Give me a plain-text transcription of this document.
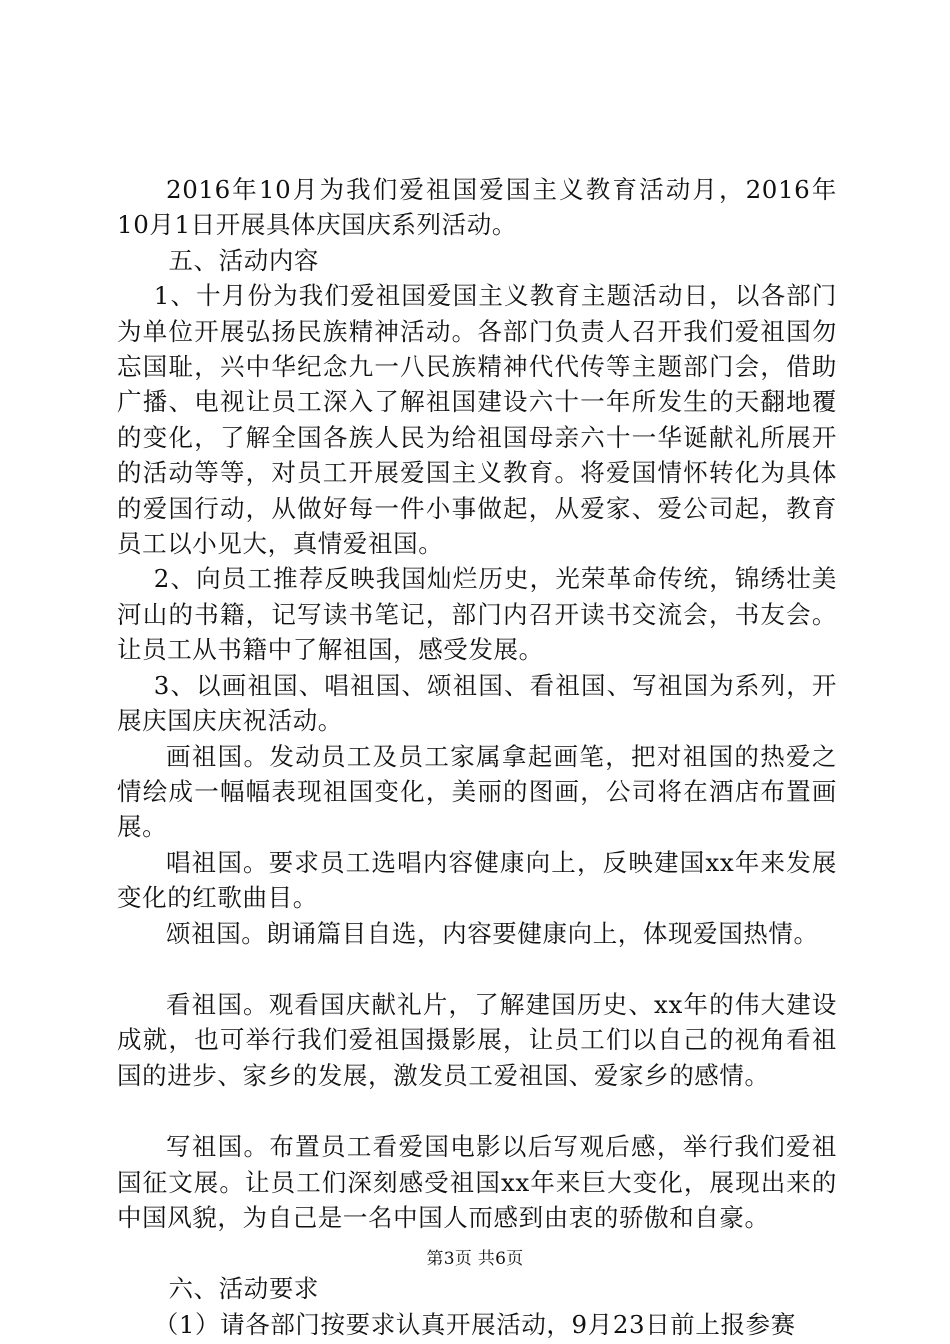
2016年10月为我们爱祖国爱国主义教育活动月，2016年10月1日开展具体庆国庆系列活动。

五、活动内容

1、十月份为我们爱祖国爱国主义教育主题活动日，以各部门为单位开展弘扬民族精神活动。各部门负责人召开我们爱祖国勿忘国耻，兴中华纪念九一八民族精神代代传等主题部门会，借助广播、电视让员工深入了解祖国建设六十一年所发生的天翻地覆的变化，了解全国各族人民为给祖国母亲六十一华诞献礼所展开的活动等等，对员工开展爱国主义教育。将爱国情怀转化为具体的爱国行动，从做好每一件小事做起，从爱家、爱公司起，教育员工以小见大，真情爱祖国。

2、向员工推荐反映我国灿烂历史，光荣革命传统，锦绣壮美河山的书籍，记写读书笔记，部门内召开读书交流会，书友会。让员工从书籍中了解祖国，感受发展。

3、以画祖国、唱祖国、颂祖国、看祖国、写祖国为系列，开展庆国庆庆祝活动。

画祖国。发动员工及员工家属拿起画笔，把对祖国的热爱之情绘成一幅幅表现祖国变化，美丽的图画，公司将在酒店布置画展。

唱祖国。要求员工选唱内容健康向上，反映建国xx年来发展变化的红歌曲目。

颂祖国。朗诵篇目自选，内容要健康向上，体现爱国热情。

看祖国。观看国庆献礼片，了解建国历史、xx年的伟大建设成就，也可举行我们爱祖国摄影展，让员工们以自己的视角看祖国的进步、家乡的发展，激发员工爱祖国、爱家乡的感情。

写祖国。布置员工看爱国电影以后写观后感，举行我们爱祖国征文展。让员工们深刻感受祖国xx年来巨大变化，展现出来的中国风貌，为自己是一名中国人而感到由衷的骄傲和自豪。

六、活动要求

（1）请各部门按要求认真开展活动，9月23日前上报参赛

第3页 共6页
